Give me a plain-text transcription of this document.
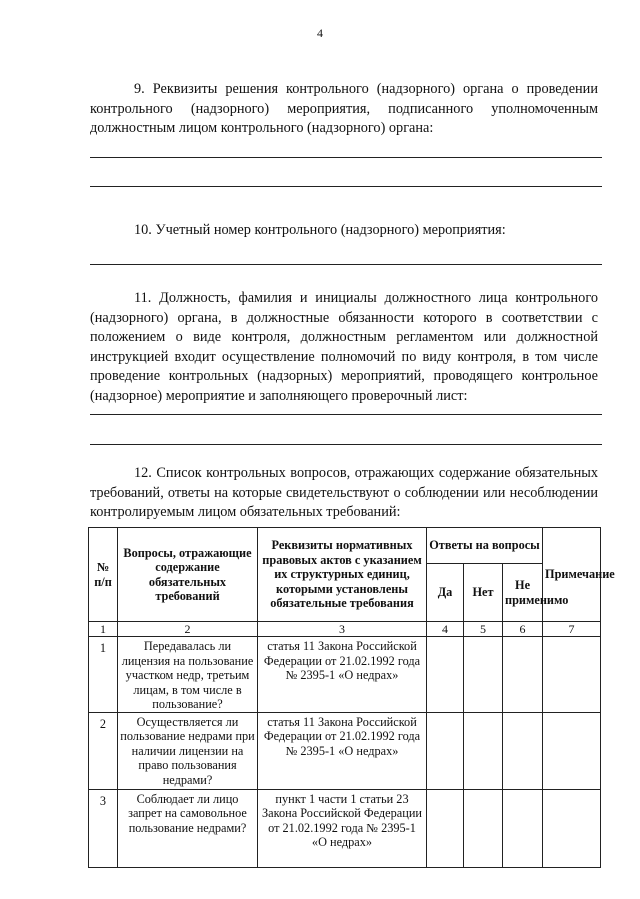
4
9. Реквизиты решения контрольного (надзорного) органа о проведении контрольного (надзорного) мероприятия, подписанного уполномоченным должностным лицом контрольного (надзорного) органа:
10. Учетный номер контрольного (надзорного) мероприятия:
11. Должность, фамилия и инициалы должностного лица контрольного (надзорного) органа, в должностные обязанности которого в соответствии с положением о виде контроля, должностным регламентом или должностной инструкцией входит осуществление полномочий по виду контроля, в том числе проведение контрольных (надзорных) мероприятий, проводящего контрольное (надзорное) мероприятие и заполняющего проверочный лист:
12. Список контрольных вопросов, отражающих содержание обязательных требований, ответы на которые свидетельствуют о соблюдении или несоблюдении контролируемым лицом обязательных требований:
№ п/п	Вопросы, отражающие содержание обязательных требований	Реквизиты нормативных правовых актов с указанием их структурных единиц, которыми установлены обязательные требования	Ответы на вопросы			Примечание
			Да	Нет	Не применимо	
1	2	3	4	5	6	7
1	Передавалась ли лицензия на пользование участком недр, третьим лицам, в том числе в пользование?	статья 11 Закона Российской Федерации от 21.02.1992 года № 2395-1 «О недрах»				
2	Осуществляется ли пользование недрами при наличии лицензии на право пользования недрами?	статья 11 Закона Российской Федерации от 21.02.1992 года № 2395-1 «О недрах»				
3	Соблюдает ли лицо запрет на самовольное пользование недрами?	пункт 1 части 1 статьи 23 Закона Российской Федерации от 21.02.1992 года № 2395-1 «О недрах»				
